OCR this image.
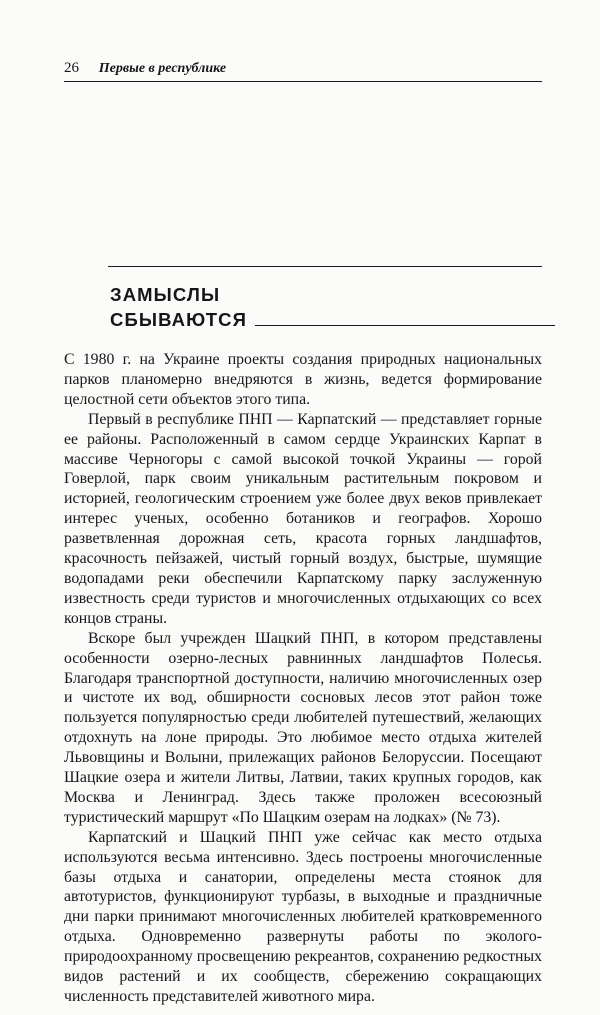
26 Первые в республике
ЗАМЫСЛЫ
СБЫВАЮТСЯ

С 1980 г. на Украине проекты создания природных национальных парков планомерно внедряются в жизнь, ведется формирование целостной сети объектов этого типа.

Первый в республике ПНП — Карпатский — представляет горные ее районы. Расположенный в самом сердце Украинских Карпат в массиве Черногоры с самой высокой точкой Украины — горой Говерлой, парк своим уникальным растительным покровом и историей, геологическим строением уже более двух веков привлекает интерес ученых, особенно ботаников и географов. Хорошо разветвленная дорожная сеть, красота горных ландшафтов, красочность пейзажей, чистый горный воздух, быстрые, шумящие водопадами реки обеспечили Карпатскому парку заслуженную известность среди туристов и многочисленных отдыхающих со всех концов страны.

Вскоре был учрежден Шацкий ПНП, в котором представлены особенности озерно-лесных равнинных ландшафтов Полесья. Благодаря транспортной доступности, наличию многочисленных озер и чистоте их вод, обширности сосновых лесов этот район тоже пользуется популярностью среди любителей путешествий, желающих отдохнуть на лоне природы. Это любимое место отдыха жителей Львовщины и Волыни, прилежащих районов Белоруссии. Посещают Шацкие озера и жители Литвы, Латвии, таких крупных городов, как Москва и Ленинград. Здесь также проложен всесоюзный туристический маршрут «По Шацким озерам на лодках» (№ 73).

Карпатский и Шацкий ПНП уже сейчас как место отдыха используются весьма интенсивно. Здесь построены многочисленные базы отдыха и санатории, определены места стоянок для автотуристов, функционируют турбазы, в выходные и праздничные дни парки принимают многочисленных любителей кратковременного отдыха. Одновременно развернуты работы по эколого-природоохранному просвещению рекреантов, сохранению редкостных видов растений и их сообществ, сбережению сокращающих численность представителей животного мира.
